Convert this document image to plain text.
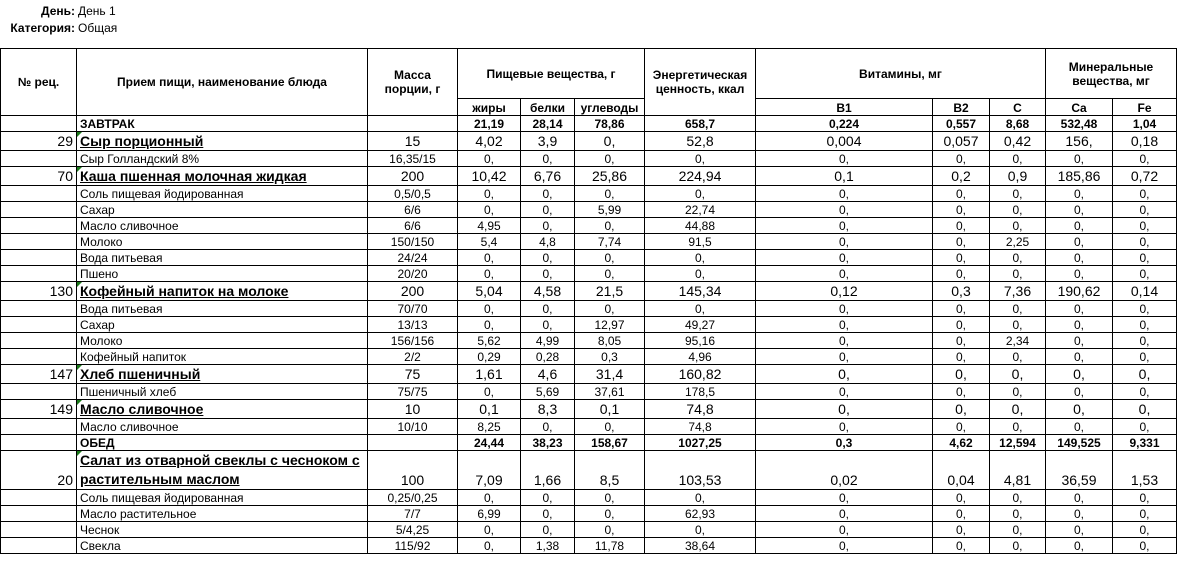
День: День 1
Категория: Общая
№ рец.	Прием пищи, наименование блюда	Масса порции, г	Пищевые вещества, г			Энергетическая ценность, ккал	Витамины, мг			Минеральные вещества, мг	
			жиры	белки	углеводы		B1	B2	C	Ca	Fe
	ЗАВТРАК		21,19	28,14	78,86	658,7	0,224	0,557	8,68	532,48	1,04
29	Сыр порционный	15	4,02	3,9	0,	52,8	0,004	0,057	0,42	156,	0,18
	Сыр Голландский 8%	16,35/15	0,	0,	0,	0,	0,	0,	0,	0,	0,
70	Каша пшенная молочная жидкая	200	10,42	6,76	25,86	224,94	0,1	0,2	0,9	185,86	0,72
	Соль пищевая йодированная	0,5/0,5	0,	0,	0,	0,	0,	0,	0,	0,	0,
	Сахар	6/6	0,	0,	5,99	22,74	0,	0,	0,	0,	0,
	Масло сливочное	6/6	4,95	0,	0,	44,88	0,	0,	0,	0,	0,
	Молоко	150/150	5,4	4,8	7,74	91,5	0,	0,	2,25	0,	0,
	Вода питьевая	24/24	0,	0,	0,	0,	0,	0,	0,	0,	0,
	Пшено	20/20	0,	0,	0,	0,	0,	0,	0,	0,	0,
130	Кофейный напиток на молоке	200	5,04	4,58	21,5	145,34	0,12	0,3	7,36	190,62	0,14
	Вода питьевая	70/70	0,	0,	0,	0,	0,	0,	0,	0,	0,
	Сахар	13/13	0,	0,	12,97	49,27	0,	0,	0,	0,	0,
	Молоко	156/156	5,62	4,99	8,05	95,16	0,	0,	2,34	0,	0,
	Кофейный напиток	2/2	0,29	0,28	0,3	4,96	0,	0,	0,	0,	0,
147	Хлеб пшеничный	75	1,61	4,6	31,4	160,82	0,	0,	0,	0,	0,
	Пшеничный хлеб	75/75	0,	5,69	37,61	178,5	0,	0,	0,	0,	0,
149	Масло сливочное	10	0,1	8,3	0,1	74,8	0,	0,	0,	0,	0,
	Масло сливочное	10/10	8,25	0,	0,	74,8	0,	0,	0,	0,	0,
	ОБЕД		24,44	38,23	158,67	1027,25	0,3	4,62	12,594	149,525	9,331
20	Салат из отварной свеклы с чесноком с растительным маслом	100	7,09	1,66	8,5	103,53	0,02	0,04	4,81	36,59	1,53
	Соль пищевая йодированная	0,25/0,25	0,	0,	0,	0,	0,	0,	0,	0,	0,
	Масло растительное	7/7	6,99	0,	0,	62,93	0,	0,	0,	0,	0,
	Чеснок	5/4,25	0,	0,	0,	0,	0,	0,	0,	0,	0,
	Свекла	115/92	0,	1,38	11,78	38,64	0,	0,	0,	0,	0,
